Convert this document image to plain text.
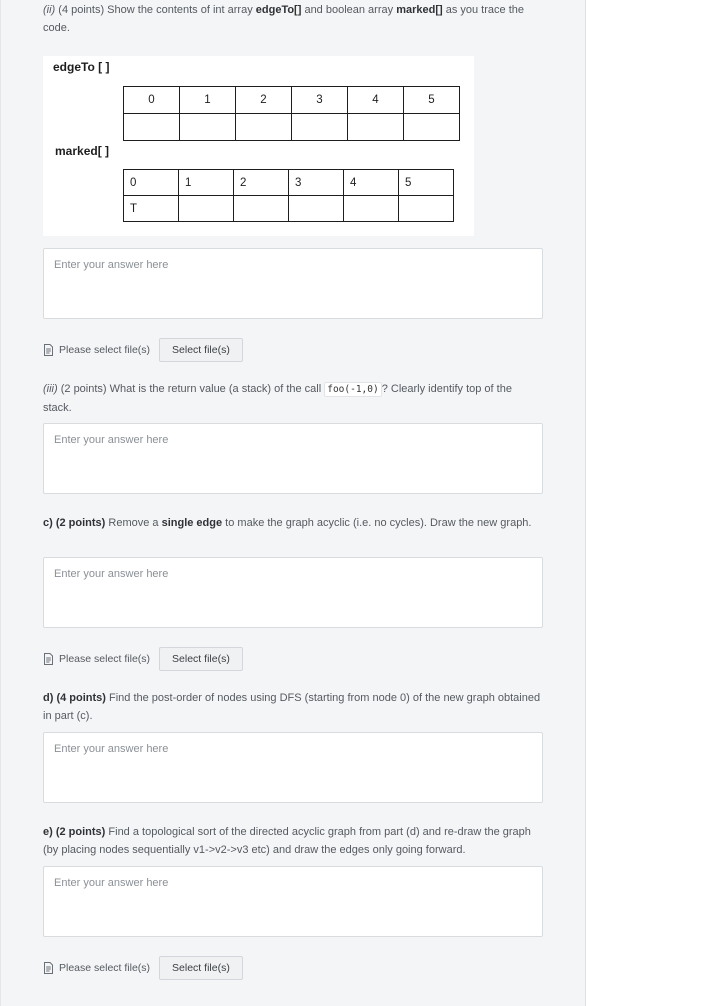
(ii) (4 points) Show the contents of int array edgeTo[] and boolean array marked[] as you trace the code.
edgeTo [ ]
0	1	2	3	4	5

marked[ ]
0	1	2	3	4	5
T					
Enter your answer here
Please select file(s)	Select file(s)
(iii) (2 points) What is the return value (a stack) of the call foo(-1,0) ? Clearly identify top of the stack.
Enter your answer here
c) (2 points) Remove a single edge to make the graph acyclic (i.e. no cycles). Draw the new graph.
Enter your answer here
Please select file(s)	Select file(s)
d) (4 points) Find the post-order of nodes using DFS (starting from node 0) of the new graph obtained in part (c).
Enter your answer here
e) (2 points) Find a topological sort of the directed acyclic graph from part (d) and re-draw the graph (by placing nodes sequentially v1->v2->v3 etc) and draw the edges only going forward.
Enter your answer here
Please select file(s)	Select file(s)
